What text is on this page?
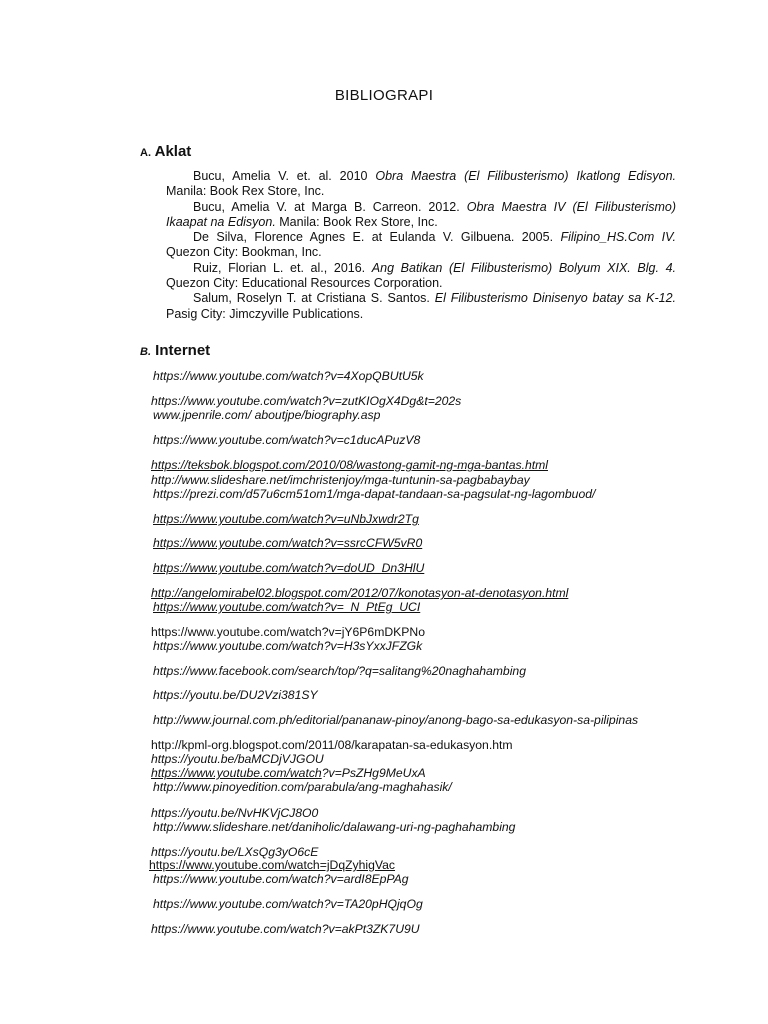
BIBLIOGRAPI
A. Aklat
Bucu, Amelia V. et. al. 2010 Obra Maestra (El Filibusterismo) Ikatlong Edisyon.
Manila: Book Rex Store, Inc.
Bucu, Amelia V. at Marga B. Carreon. 2012. Obra Maestra IV (El Filibusterismo)
Ikaapat na Edisyon. Manila: Book Rex Store, Inc.
De Silva, Florence Agnes E. at Eulanda V. Gilbuena. 2005. Filipino_HS.Com IV.
Quezon City: Bookman, Inc.
Ruiz, Florian L. et. al., 2016. Ang Batikan (El Filibusterismo) Bolyum XIX. Blg. 4.
Quezon City: Educational Resources Corporation.
Salum, Roselyn T. at Cristiana S. Santos. El Filibusterismo Dinisenyo batay sa K-12.
Pasig City: Jimczyville Publications.
B. Internet
https://www.youtube.com/watch?v=4XopQBUtU5k
https://www.youtube.com/watch?v=zutKIOgX4Dg&t=202s
www.jpenrile.com/ aboutjpe/biography.asp
https://www.youtube.com/watch?v=c1ducAPuzV8
https://teksbok.blogspot.com/2010/08/wastong-gamit-ng-mga-bantas.html
http://www.slideshare.net/imchristenjoy/mga-tuntunin-sa-pagbabaybay
https://prezi.com/d57u6cm51om1/mga-dapat-tandaan-sa-pagsulat-ng-lagombuod/
https://www.youtube.com/watch?v=uNbJxwdr2Tg
https://www.youtube.com/watch?v=ssrcCFW5vR0
https://www.youtube.com/watch?v=doUD_Dn3HlU
http://angelomirabel02.blogspot.com/2012/07/konotasyon-at-denotasyon.html
https://www.youtube.com/watch?v=_N_PtEg_UCI
https://www.youtube.com/watch?v=jY6P6mDKPNo
https://www.youtube.com/watch?v=H3sYxxJFZGk
https://www.facebook.com/search/top/?q=salitang%20naghahambing
https://youtu.be/DU2Vzi381SY
http://www.journal.com.ph/editorial/pananaw-pinoy/anong-bago-sa-edukasyon-sa-pilipinas
http://kpml-org.blogspot.com/2011/08/karapatan-sa-edukasyon.htm
https://youtu.be/baMCDjVJGOU
https://www.youtube.com/watch?v=PsZHg9MeUxA
http://www.pinoyedition.com/parabula/ang-maghahasik/
https://youtu.be/NvHKVjCJ8O0
http://www.slideshare.net/daniholic/dalawang-uri-ng-paghahambing
https://youtu.be/LXsQg3yO6cE
https://www.youtube.com/watch=jDqZyhigVac
https://www.youtube.com/watch?v=ardI8EpPAg
https://www.youtube.com/watch?v=TA20pHQjqOg
https://www.youtube.com/watch?v=akPt3ZK7U9U
